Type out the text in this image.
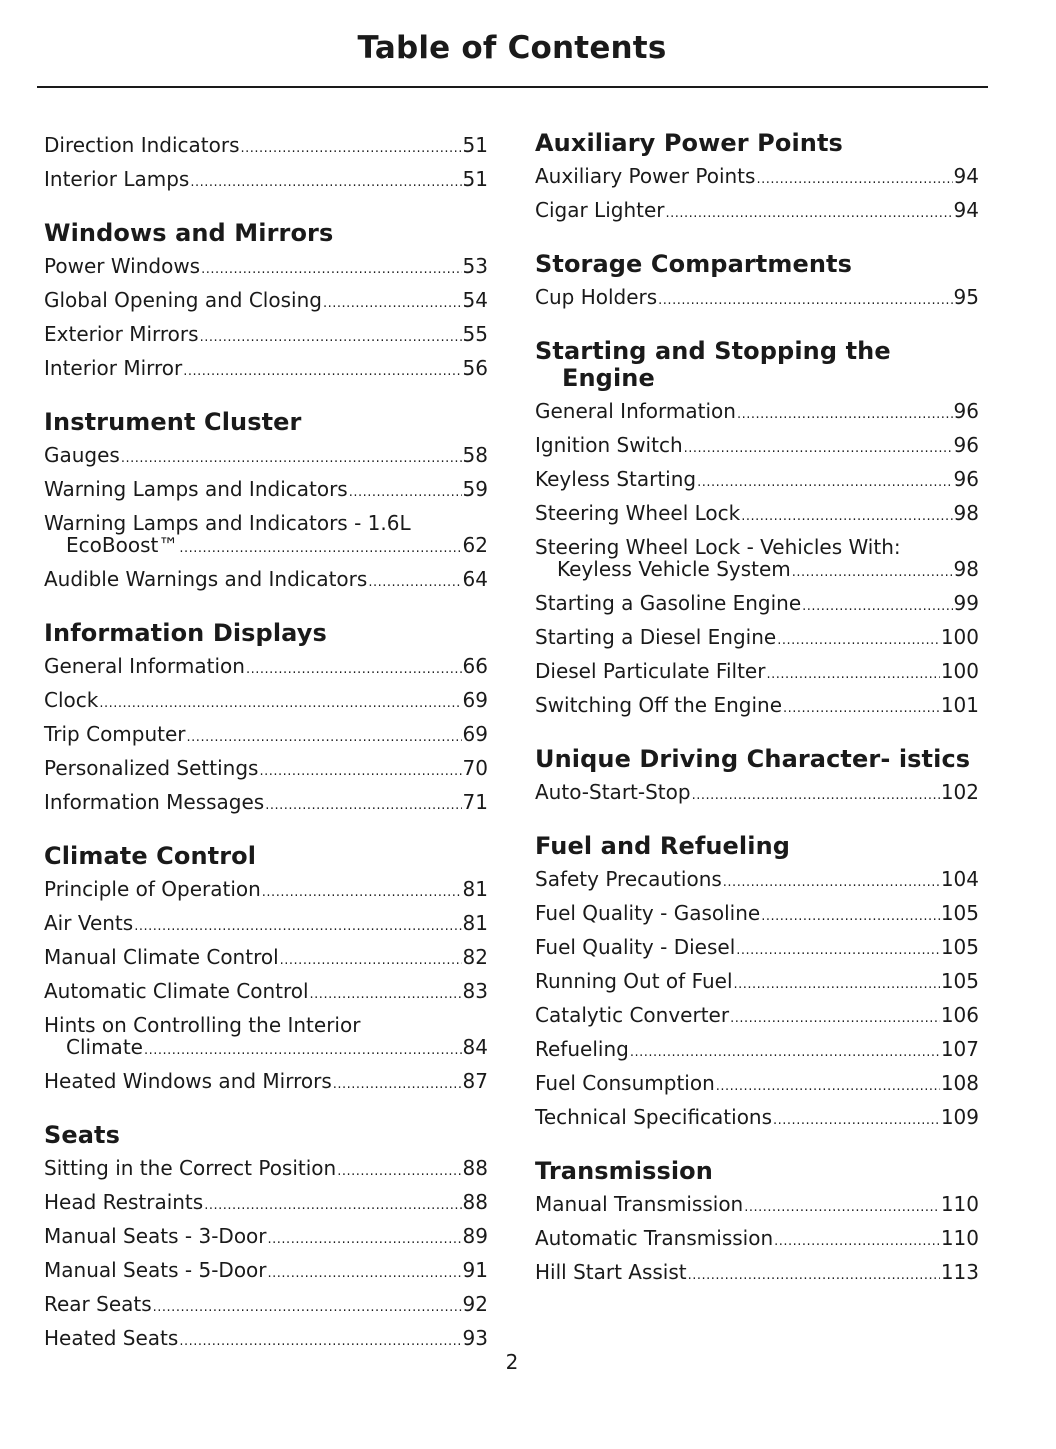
Table of Contents
Direction Indicators .....	51
Interior Lamps .....	51
Windows and Mirrors
Power Windows .....	53
Global Opening and Closing .....	54
Exterior Mirrors .....	55
Interior Mirror .....	56
Instrument Cluster
Gauges .....	58
Warning Lamps and Indicators .....	59
Warning Lamps and Indicators - 1.6L
EcoBoost™ .....	62
Audible Warnings and Indicators .....	64
Information Displays
General Information .....	66
Clock .....	69
Trip Computer .....	69
Personalized Settings .....	70
Information Messages .....	71
Climate Control
Principle of Operation .....	81
Air Vents .....	81
Manual Climate Control .....	82
Automatic Climate Control .....	83
Hints on Controlling the Interior
Climate .....	84
Heated Windows and Mirrors .....	87
Seats
Sitting in the Correct Position .....	88
Head Restraints .....	88
Manual Seats - 3-Door .....	89
Manual Seats - 5-Door .....	91
Rear Seats .....	92
Heated Seats .....	93
Auxiliary Power Points
Auxiliary Power Points .....	94
Cigar Lighter .....	94
Storage Compartments
Cup Holders .....	95
Starting and Stopping the Engine
General Information .....	96
Ignition Switch .....	96
Keyless Starting .....	96
Steering Wheel Lock .....	98
Steering Wheel Lock - Vehicles With:
Keyless Vehicle System .....	98
Starting a Gasoline Engine .....	99
Starting a Diesel Engine .....	100
Diesel Particulate Filter .....	100
Switching Off the Engine .....	101
Unique Driving Character- istics
Auto-Start-Stop .....	102
Fuel and Refueling
Safety Precautions .....	104
Fuel Quality - Gasoline .....	105
Fuel Quality - Diesel .....	105
Running Out of Fuel .....	105
Catalytic Converter .....	106
Refueling .....	107
Fuel Consumption .....	108
Technical Specifications .....	109
Transmission
Manual Transmission .....	110
Automatic Transmission .....	110
Hill Start Assist .....	113
2
